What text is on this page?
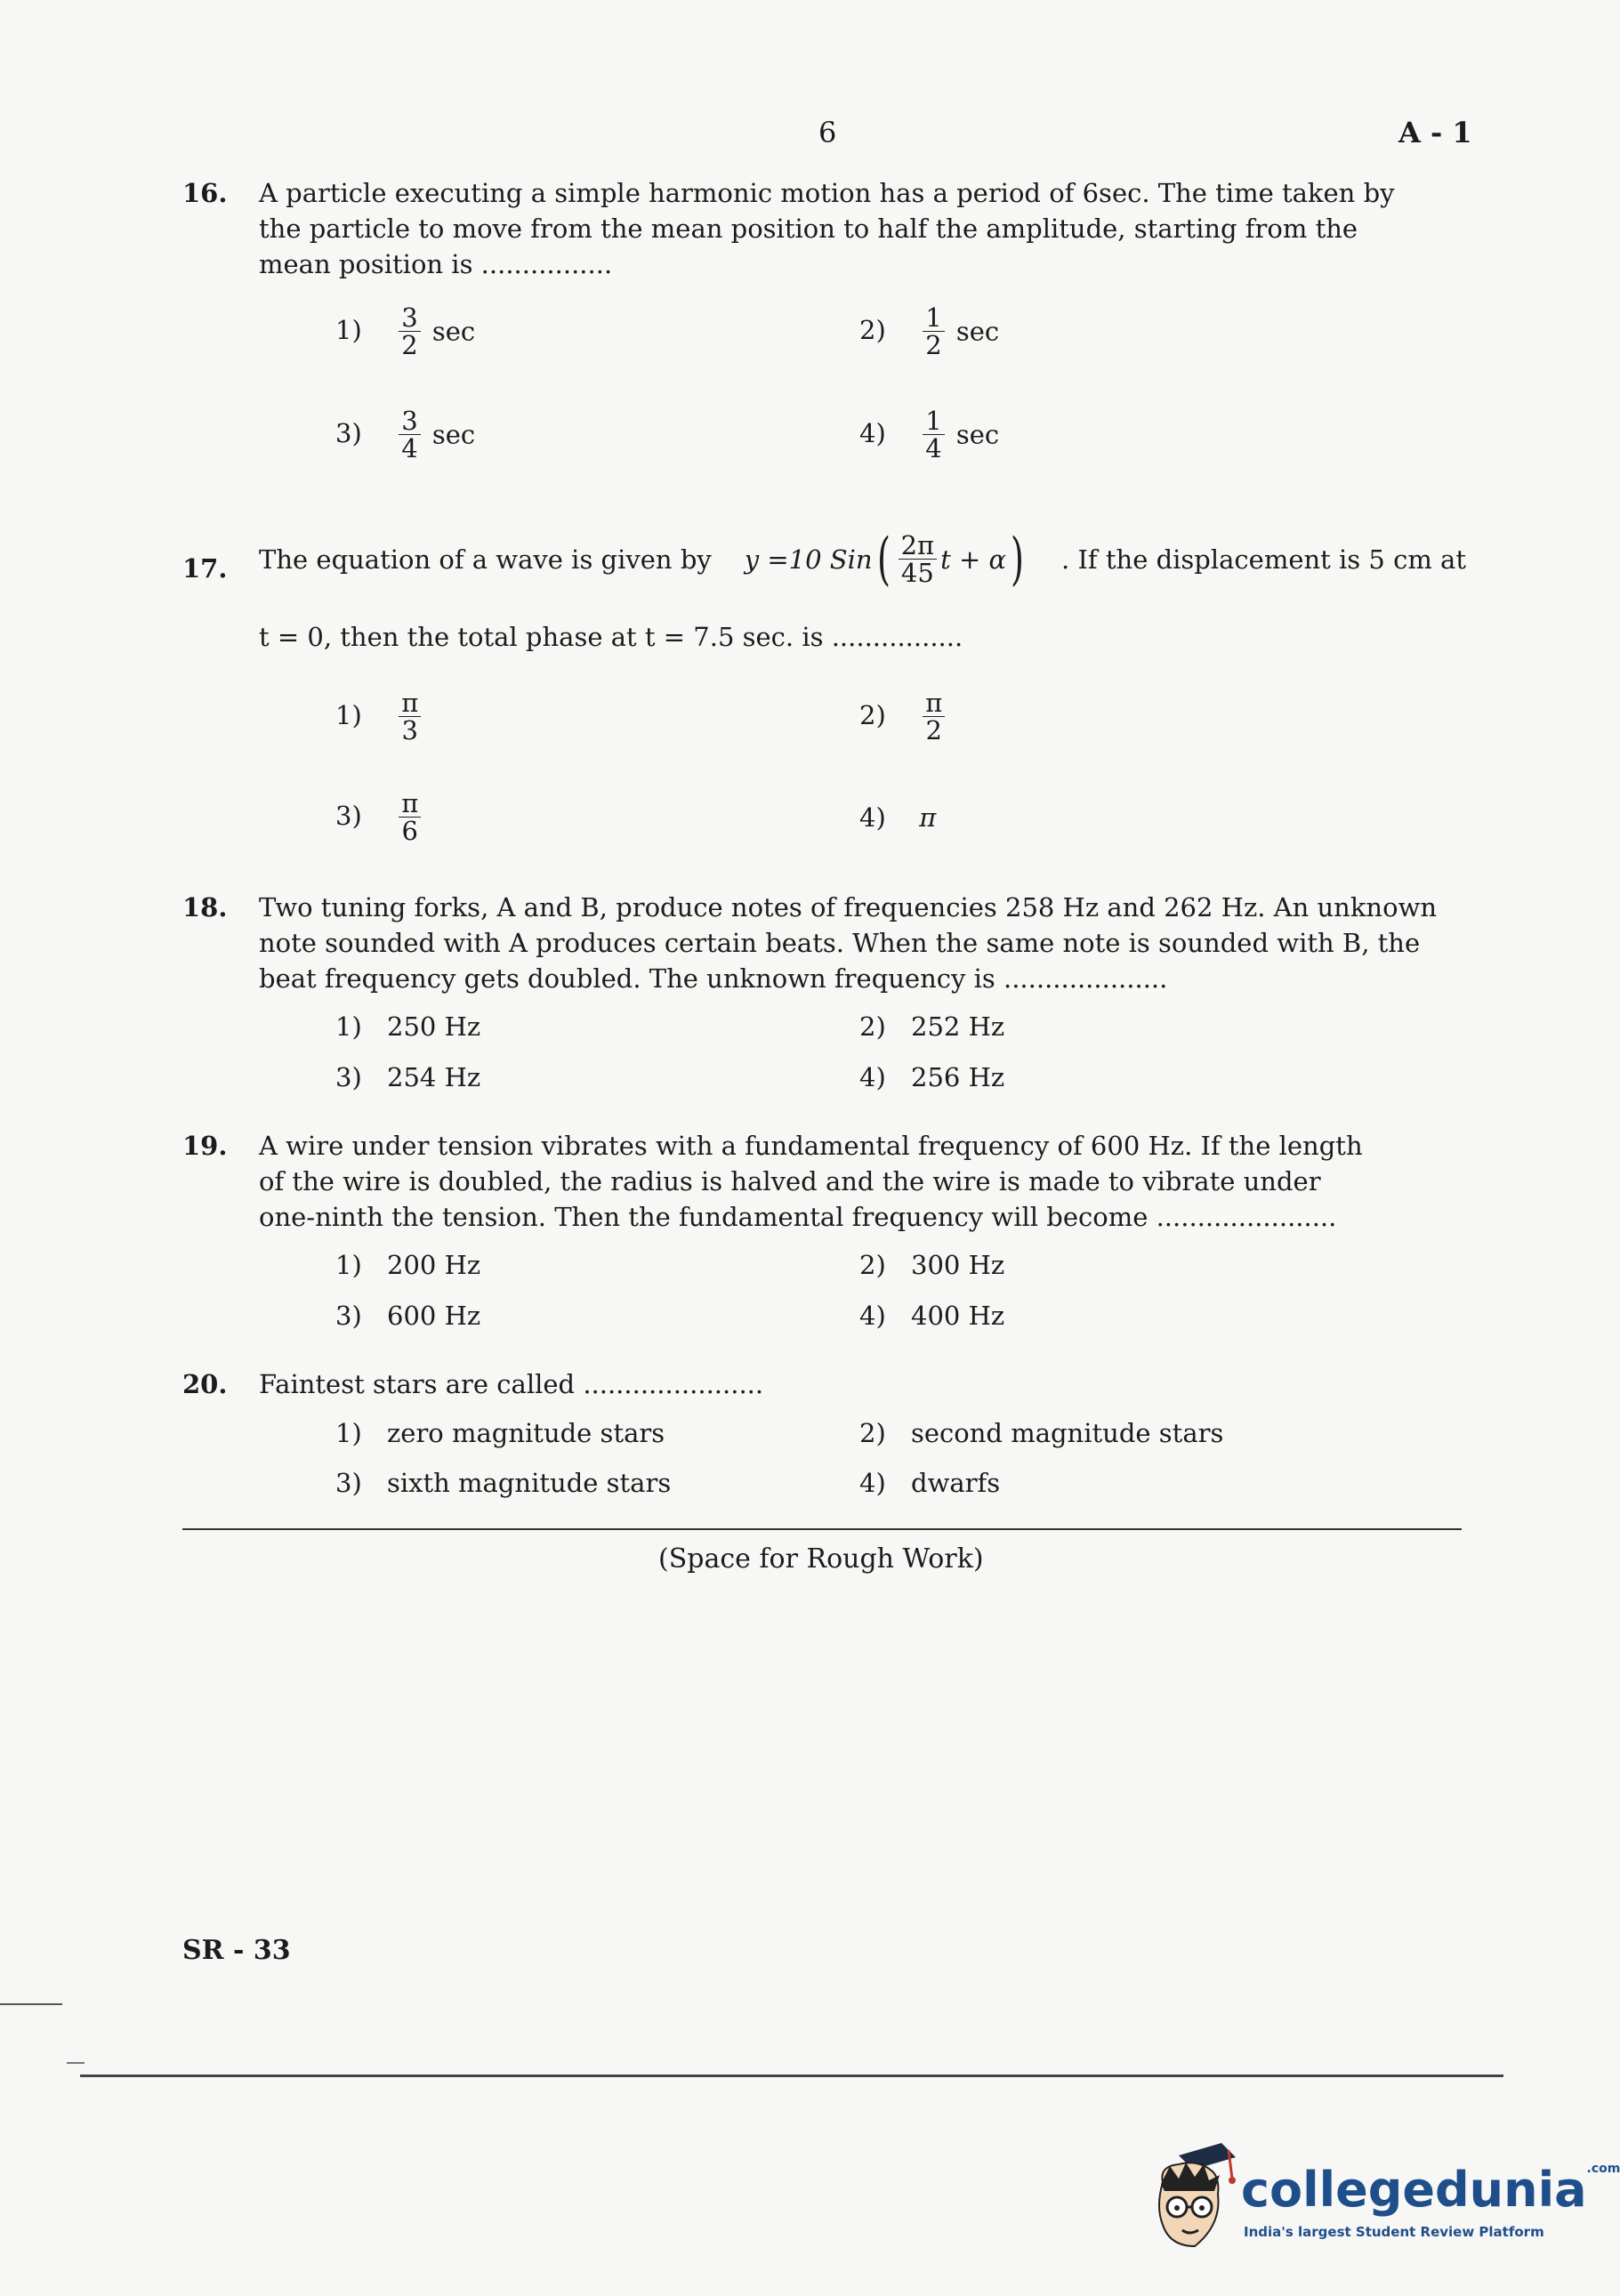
6	A - 1
16. A particle executing a simple harmonic motion has a period of 6sec. The time taken by
the particle to move from the mean position to half the amplitude, starting from the
mean position is ................
$1) \frac{3}{2}$ sec	$2) \frac{1}{2}$ sec
$3) \frac{3}{4}$ sec	$4) \frac{1}{4}$ sec
17. The equation of a wave is given by y =10
Sin ( $\frac{2\pi}{45}$ t + α ) . If the displacement is 5 cm at
t = 0, then the total phase at t = 7.5 sec. is ................
$1) \frac{\pi}{3}$	$2) \frac{\pi}{2}$
$3) \frac{\pi}{6}$	4) π
18. Two tuning forks, A and B, produce notes of frequencies 258 Hz and 262 Hz. An unknown
note sounded with A produces certain beats. When the same note is sounded with B, the
beat frequency gets doubled. The unknown frequency is ....................
1) 250 Hz	2) 252 Hz
3) 254 Hz	4) 256 Hz
19. A wire under tension vibrates with a fundamental frequency of 600 Hz. If the length
of the wire is doubled, the radius is halved and the wire is made to vibrate under
one-ninth the tension. Then the fundamental frequency will become ......................
1) 200 Hz	2) 300 Hz
3) 600 Hz	4) 400 Hz
20. Faintest stars are called ......................
1) zero magnitude stars	2) second magnitude stars
3) sixth magnitude stars	4) dwarfs
(Space for Rough Work)
SR - 33
collegedunia$^{.com}$
India's largest Student Review Platform
